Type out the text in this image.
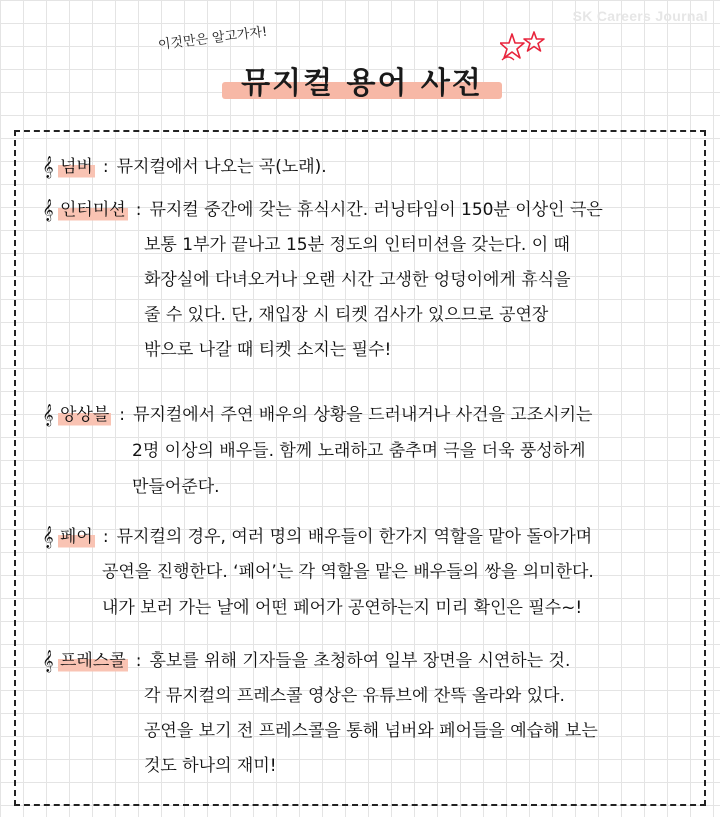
SK Careers Journal
이것만은 알고가자!
뮤지컬 용어 사전
𝄞 넘버 : 뮤지컬에서 나오는 곡(노래).
𝄞 인터미션 : 뮤지컬 중간에 갖는 휴식시간. 러닝타임이 150분 이상인 극은
보통 1부가 끝나고 15분 정도의 인터미션을 갖는다. 이 때
화장실에 다녀오거나 오랜 시간 고생한 엉덩이에게 휴식을
줄 수 있다. 단, 재입장 시 티켓 검사가 있으므로 공연장
밖으로 나갈 때 티켓 소지는 필수!
𝄞 앙상블 : 뮤지컬에서 주연 배우의 상황을 드러내거나 사건을 고조시키는
2명 이상의 배우들. 함께 노래하고 춤추며 극을 더욱 풍성하게
만들어준다.
𝄞 페어 : 뮤지컬의 경우, 여러 명의 배우들이 한가지 역할을 맡아 돌아가며
공연을 진행한다. ‘페어’는 각 역할을 맡은 배우들의 쌍을 의미한다.
내가 보러 가는 날에 어떤 페어가 공연하는지 미리 확인은 필수~!
𝄞 프레스콜 : 홍보를 위해 기자들을 초청하여 일부 장면을 시연하는 것.
각 뮤지컬의 프레스콜 영상은 유튜브에 잔뜩 올라와 있다.
공연을 보기 전 프레스콜을 통해 넘버와 페어들을 예습해 보는
것도 하나의 재미!
